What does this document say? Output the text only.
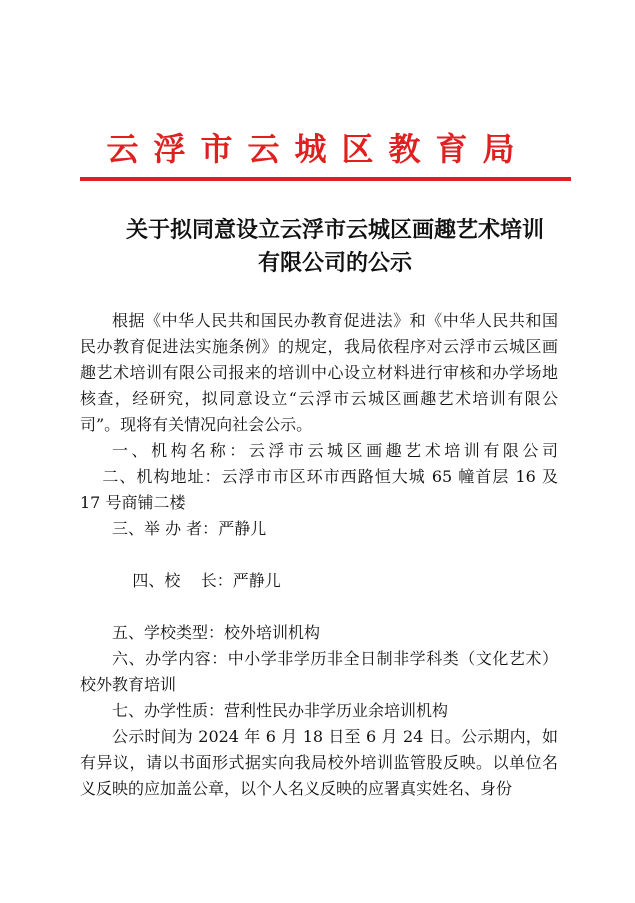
云浮市云城区教育局
关于拟同意设立云浮市云城区画趣艺术培训
有限公司的公示

根据《中华人民共和国民办教育促进法》和《中华人民共和国民办教育促进法实施条例》的规定，我局依程序对云浮市云城区画趣艺术培训有限公司报来的培训中心设立材料进行审核和办学场地核查，经研究，拟同意设立“云浮市云城区画趣艺术培训有限公司”。现将有关情况向社会公示。

一、机构名称：云浮市云城区画趣艺术培训有限公司

二、机构地址：云浮市市区环市西路恒大城 65 幢首层 16 及

17 号商铺二楼

三、举 办 者：严静儿

四、校    长：严静儿

五、学校类型：校外培训机构

六、办学内容：中小学非学历非全日制非学科类（文化艺术）

校外教育培训

七、办学性质：营利性民办非学历业余培训机构

公示时间为 2024 年 6 月 18 日至 6 月 24 日。公示期内，如有异议，请以书面形式据实向我局校外培训监管股反映。以单位名义反映的应加盖公章，以个人名义反映的应署真实姓名、身份
